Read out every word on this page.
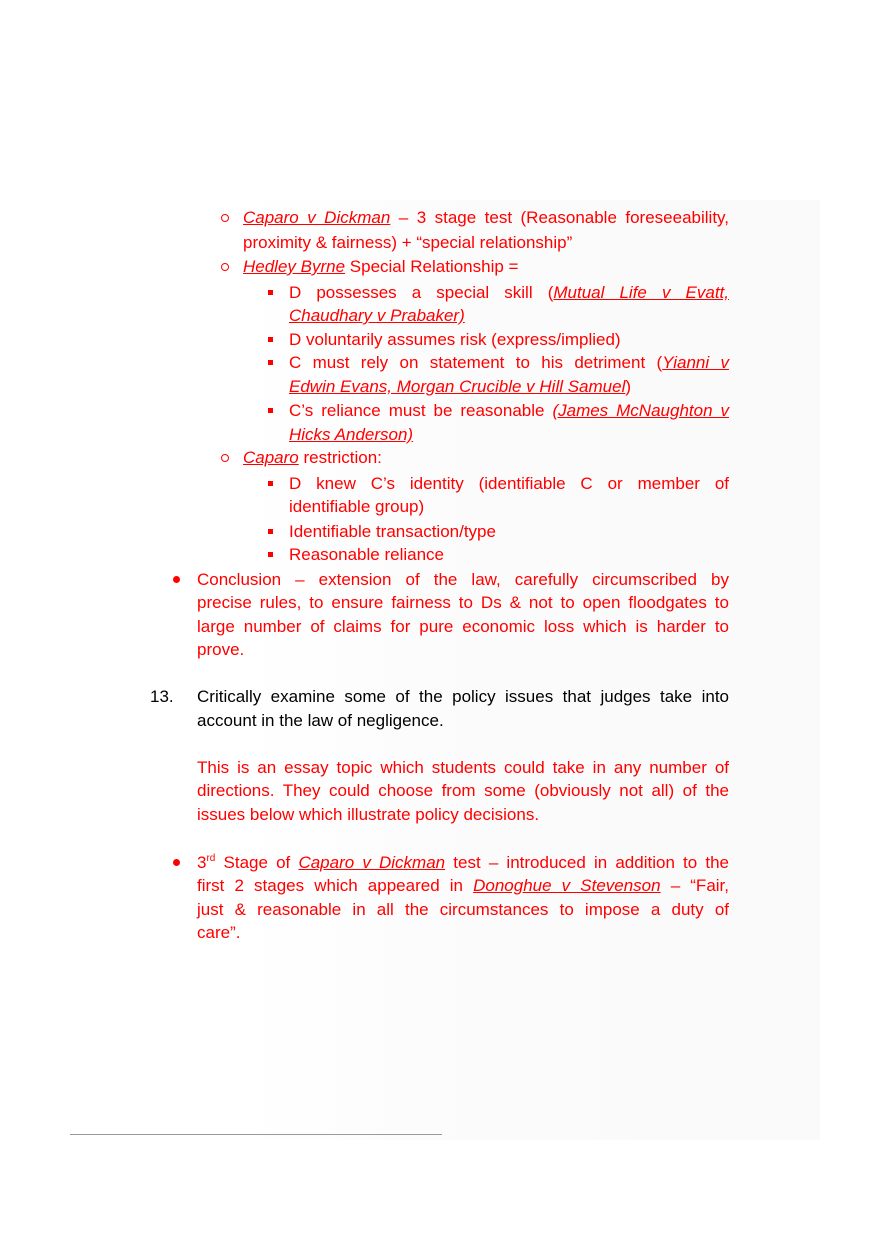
Caparo v Dickman – 3 stage test (Reasonable foreseeability,
proximity & fairness) + “special relationship”
Hedley Byrne Special Relationship =
D possesses a special skill (Mutual Life v Evatt,
Chaudhary v Prabaker)
D voluntarily assumes risk (express/implied)
C must rely on statement to his detriment (Yianni v
Edwin Evans, Morgan Crucible v Hill Samuel)
C’s reliance must be reasonable (James McNaughton v
Hicks Anderson)
Caparo restriction:
D knew C’s identity (identifiable C or member of
identifiable group)
Identifiable transaction/type
Reasonable reliance
Conclusion – extension of the law, carefully circumscribed by
precise rules, to ensure fairness to Ds & not to open floodgates to
large number of claims for pure economic loss which is harder to
prove.
13. Critically examine some of the policy issues that judges take into
account in the law of negligence.
This is an essay topic which students could take in any number of
directions. They could choose from some (obviously not all) of the
issues below which illustrate policy decisions.
3rd Stage of Caparo v Dickman test – introduced in addition to the
first 2 stages which appeared in Donoghue v Stevenson – “Fair,
just & reasonable in all the circumstances to impose a duty of
care”.
